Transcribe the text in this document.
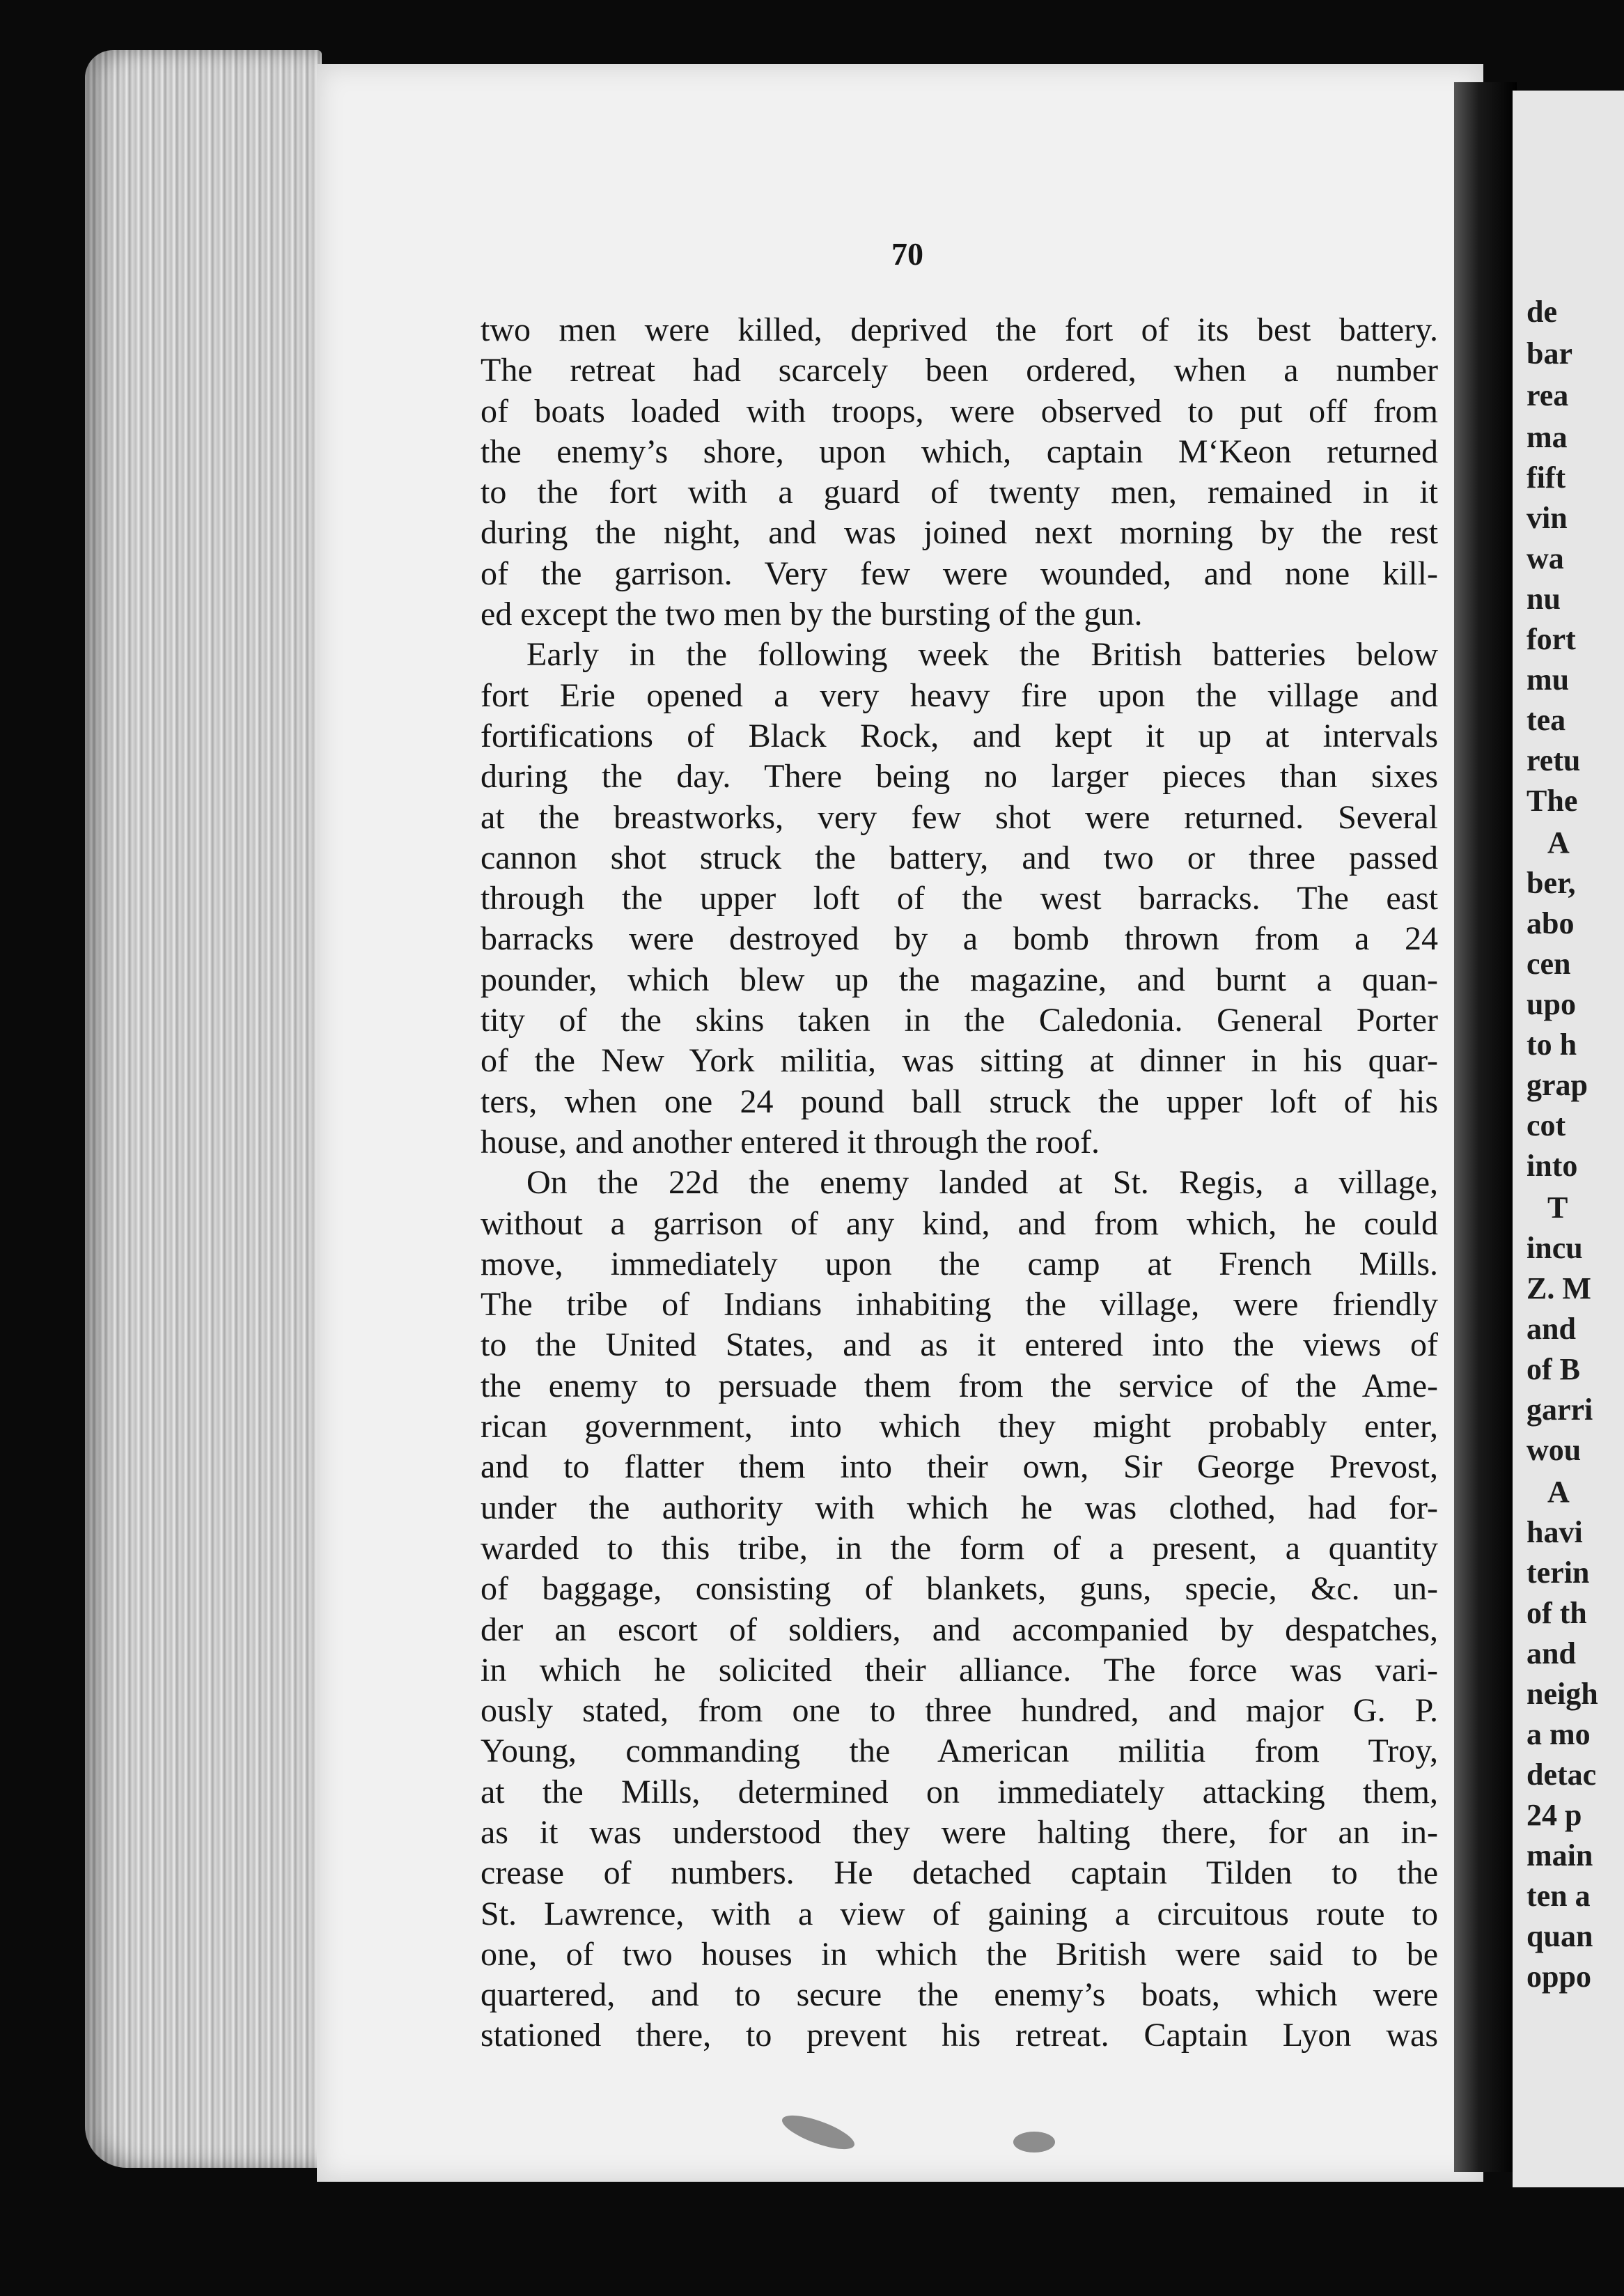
70
two men were killed, deprived the fort of its best battery.
The retreat had scarcely been ordered, when a number
of boats loaded with troops, were observed to put off from
the enemy’s shore, upon which, captain M‘Keon returned
to the fort with a guard of twenty men, remained in it
during the night, and was joined next morning by the rest
of the garrison. Very few were wounded, and none kill-
ed except the two men by the bursting of the gun.
Early in the following week the British batteries below
fort Erie opened a very heavy fire upon the village and
fortifications of Black Rock, and kept it up at intervals
during the day. There being no larger pieces than sixes
at the breastworks, very few shot were returned. Several
cannon shot struck the battery, and two or three passed
through the upper loft of the west barracks. The east
barracks were destroyed by a bomb thrown from a 24
pounder, which blew up the magazine, and burnt a quan-
tity of the skins taken in the Caledonia. General Porter
of the New York militia, was sitting at dinner in his quar-
ters, when one 24 pound ball struck the upper loft of his
house, and another entered it through the roof.
On the 22d the enemy landed at St. Regis, a village,
without a garrison of any kind, and from which, he could
move, immediately upon the camp at French Mills.
The tribe of Indians inhabiting the village, were friendly
to the United States, and as it entered into the views of
the enemy to persuade them from the service of the Ame-
rican government, into which they might probably enter,
and to flatter them into their own, Sir George Prevost,
under the authority with which he was clothed, had for-
warded to this tribe, in the form of a present, a quantity
of baggage, consisting of blankets, guns, specie, &c. un-
der an escort of soldiers, and accompanied by despatches,
in which he solicited their alliance. The force was vari-
ously stated, from one to three hundred, and major G. P.
Young, commanding the American militia from Troy,
at the Mills, determined on immediately attacking them,
as it was understood they were halting there, for an in-
crease of numbers. He detached captain Tilden to the
St. Lawrence, with a view of gaining a circuitous route to
one, of two houses in which the British were said to be
quartered, and to secure the enemy’s boats, which were
stationed there, to prevent his retreat. Captain Lyon was
de
bar
rea
ma
fift
vin
wa
nu
fort
mu
tea
retu
The
A
ber,
abo
cen
upo
to h
grap
cot
into
T
incu
Z. M
and
of B
garri
wou
A
havi
terin
of th
and
neigh
a mo
detac
24 p
main
ten a
quan
oppo
